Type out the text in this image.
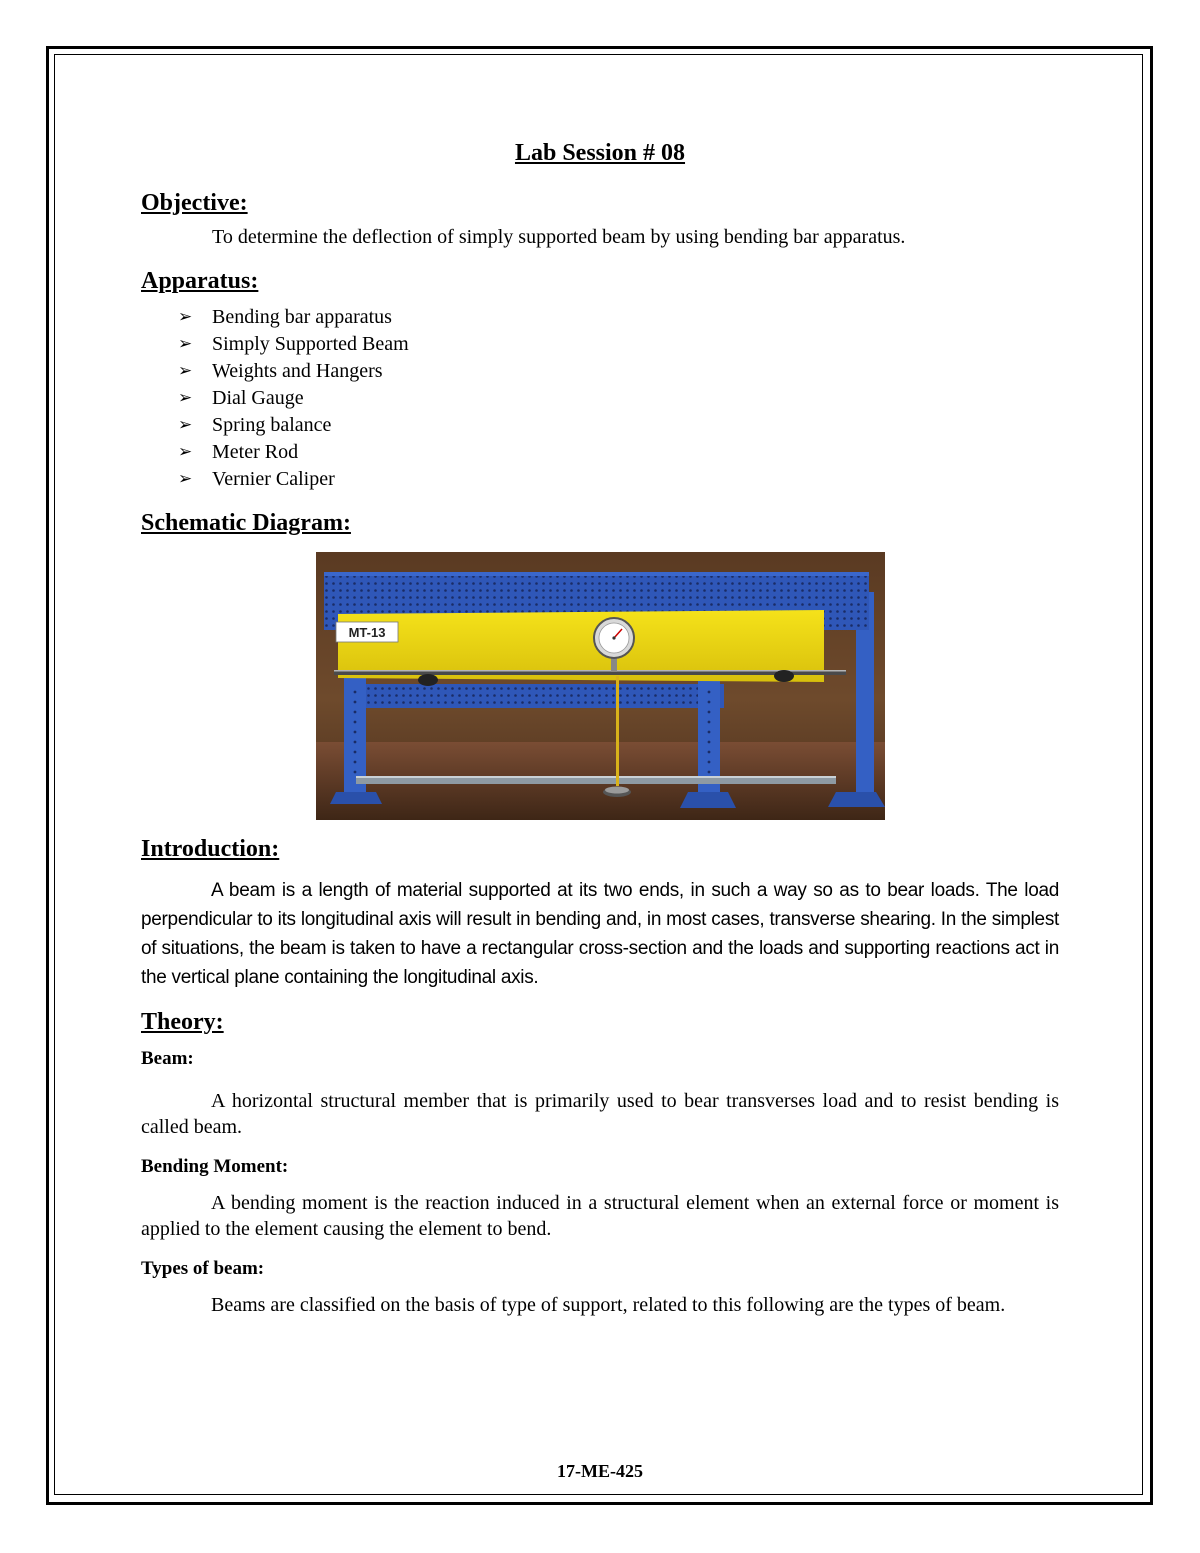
Lab Session # 08
Objective:
To determine the deflection of simply supported beam by using bending bar apparatus.
Apparatus:
➢ Bending bar apparatus
➢ Simply Supported Beam
➢ Weights and Hangers
➢ Dial Gauge
➢ Spring balance
➢ Meter Rod
➢ Vernier Caliper
Schematic Diagram:
MT-13
Introduction:

A beam is a length of material supported at its two ends, in such a way so as to bear loads. The load perpendicular to its longitudinal axis will result in bending and, in most cases, transverse shearing. In the simplest of situations, the beam is taken to have a rectangular cross-section and the loads and supporting reactions act in the vertical plane containing the longitudinal axis.

Theory:
Beam:

A horizontal structural member that is primarily used to bear transverses load and to resist bending is called beam.

Bending Moment:

A bending moment is the reaction induced in a structural element when an external force or moment is applied to the element causing the element to bend.

Types of beam:

Beams are classified on the basis of type of support, related to this following are the types of beam.

17-ME-425
